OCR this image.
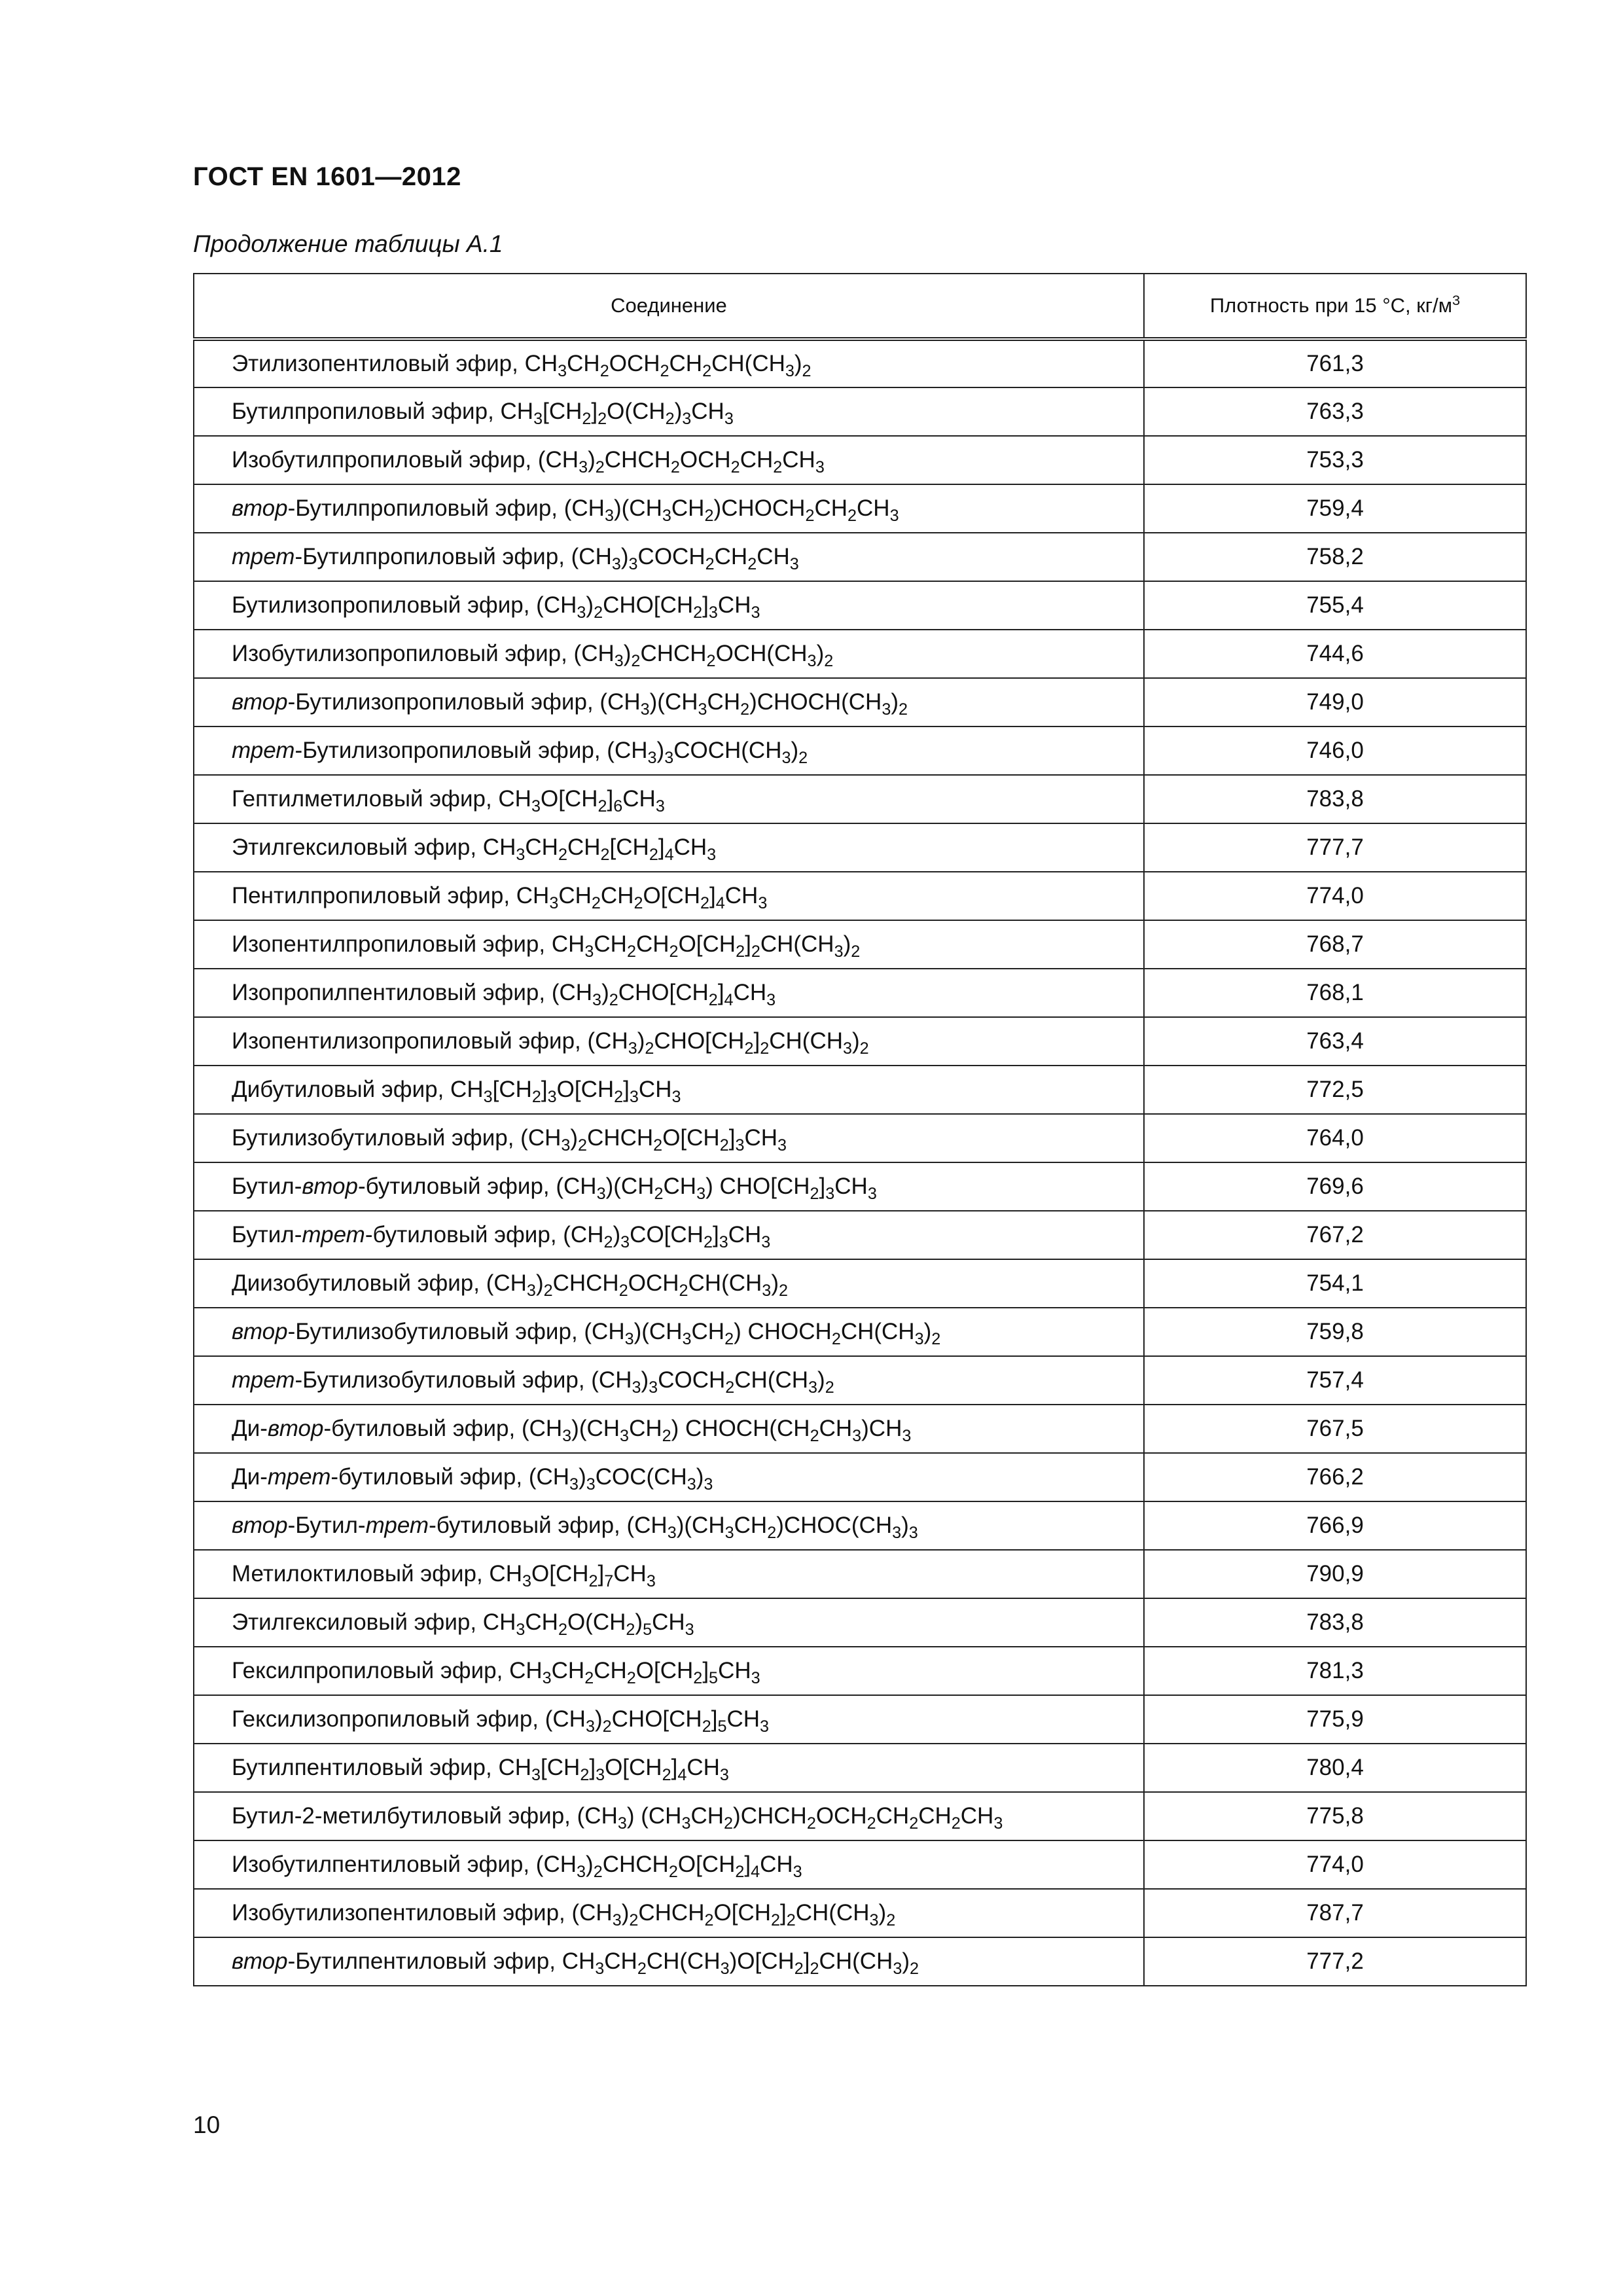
ГОСТ EN 1601—2012
Продолжение таблицы А.1
Соединение	Плотность при 15 °С, $кг/м^3$
Этилизопентиловый эфир, $CH_3CH_2OCH_2CH_2CH(CH_3)_2$	761,3
Бутилпропиловый эфир, $CH_3[CH_2]_2O(CH_2)_3CH_3$	763,3
Изобутилпропиловый эфир, $(CH_3)_2CHCH_2OCH_2CH_2CH_3$	753,3
втор-Бутилпропиловый эфир, $(CH_3)(CH_3CH_2)CHOCH_2CH_2CH_3$	759,4
трет-Бутилпропиловый эфир, $(CH_3)_3COCH_2CH_2CH_3$	758,2
Бутилизопропиловый эфир, $(CH_3)_2CHO[CH_2]_3CH_3$	755,4
Изобутилизопропиловый эфир, $(CH_3)_2CHCH_2OCH(CH_3)_2$	744,6
втор-Бутилизопропиловый эфир, $(CH_3)(CH_3CH_2)CHOCH(CH_3)_2$	749,0
трет-Бутилизопропиловый эфир, $(CH_3)_3COCH(CH_3)_2$	746,0
Гептилметиловый эфир, $CH_3O[CH_2]_6CH_3$	783,8
Этилгексиловый эфир, $CH_3CH_2CH_2[CH_2]_4CH_3$	777,7
Пентилпропиловый эфир, $CH_3CH_2CH_2O[CH_2]_4CH_3$	774,0
Изопентилпропиловый эфир, $CH_3CH_2CH_2O[CH_2]_2CH(CH_3)_2$	768,7
Изопропилпентиловый эфир, $(CH_3)_2CHO[CH_2]_4CH_3$	768,1
Изопентилизопропиловый эфир, $(CH_3)_2CHO[CH_2]_2CH(CH_3)_2$	763,4
Дибутиловый эфир, $CH_3[CH_2]_3O[CH_2]_3CH_3$	772,5
Бутилизобутиловый эфир, $(CH_3)_2CHCH_2O[CH_2]_3CH_3$	764,0
Бутил-втор-бутиловый эфир, $(CH_3)(CH_2CH_3)$ $CHO[CH_2]_3CH_3$	769,6
Бутил-трет-бутиловый эфир, $(CH_2)_3CO[CH_2]_3CH_3$	767,2
Диизобутиловый эфир, $(CH_3)_2CHCH_2OCH_2CH(CH_3)_2$	754,1
втор-Бутилизобутиловый эфир, $(CH_3)(CH_3CH_2)$ $CHOCH_2CH(CH_3)_2$	759,8
трет-Бутилизобутиловый эфир, $(CH_3)_3COCH_2CH(CH_3)_2$	757,4
Ди-втор-бутиловый эфир, $(CH_3)(CH_3CH_2)$ $CHOCH(CH_2CH_3)CH_3$	767,5
Ди-трет-бутиловый эфир, $(CH_3)_3COC(CH_3)_3$	766,2
втор-Бутил-трет-бутиловый эфир, $(CH_3)(CH_3CH_2)CHOC(CH_3)_3$	766,9
Метилоктиловый эфир, $CH_3O[CH_2]_7CH_3$	790,9
Этилгексиловый эфир, $CH_3CH_2O(CH_2)_5CH_3$	783,8
Гексилпропиловый эфир, $CH_3CH_2CH_2O[CH_2]_5CH_3$	781,3
Гексилизопропиловый эфир, $(CH_3)_2CHO[CH_2]_5CH_3$	775,9
Бутилпентиловый эфир, $CH_3[CH_2]_3O[CH_2]_4CH_3$	780,4
Бутил-2-метилбутиловый эфир, $(CH_3)$ $(CH_3CH_2)CHCH_2OCH_2CH_2CH_2CH_3$	775,8
Изобутилпентиловый эфир, $(CH_3)_2CHCH_2O[CH_2]_4CH_3$	774,0
Изобутилизопентиловый эфир, $(CH_3)_2CHCH_2O[CH_2]_2CH(CH_3)_2$	787,7
втор-Бутилпентиловый эфир, $CH_3CH_2CH(CH_3)O[CH_2]_2CH(CH_3)_2$	777,2
10
